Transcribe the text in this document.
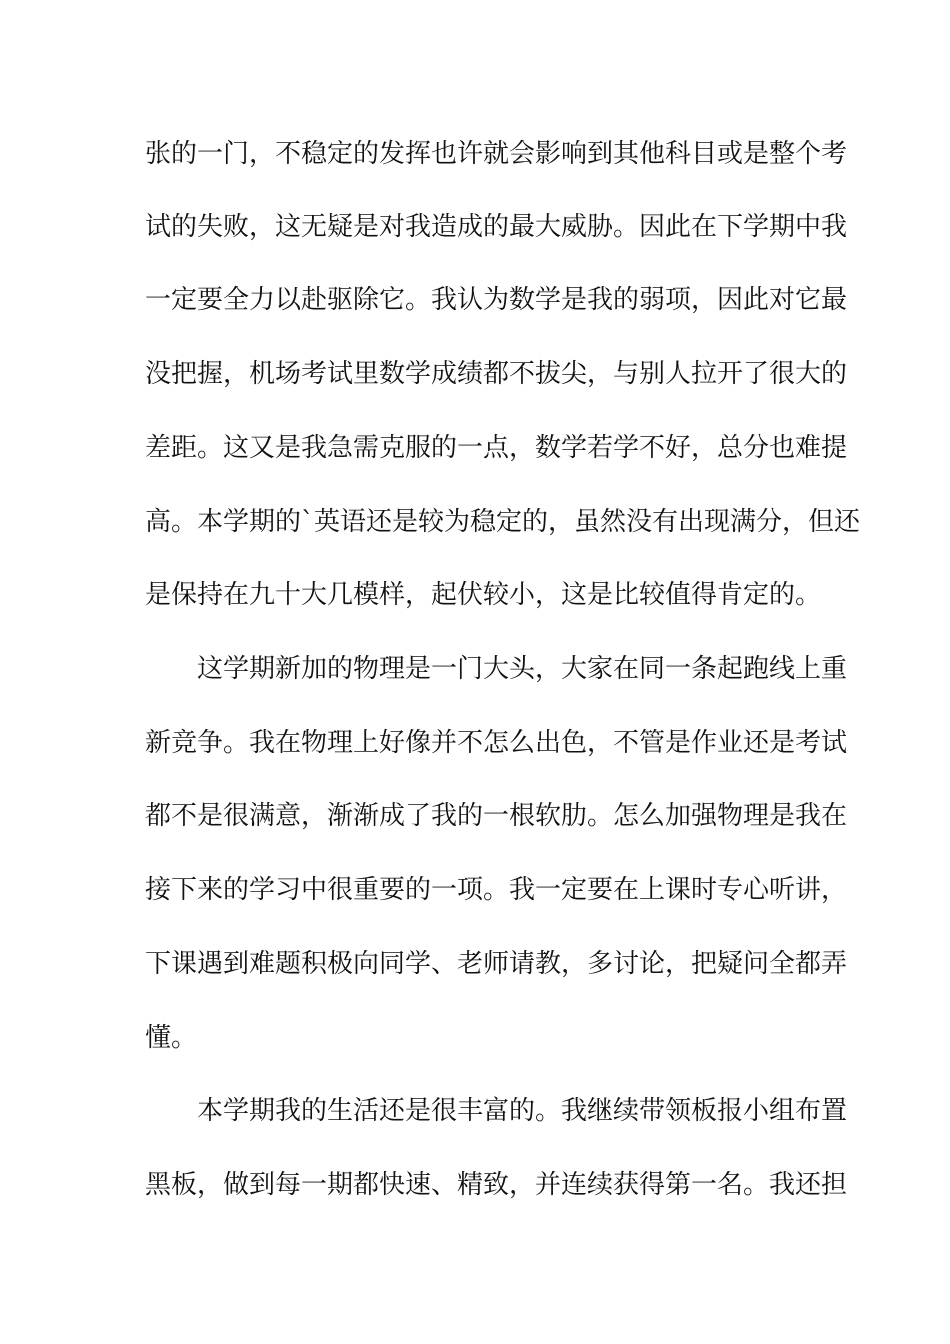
张的一门，不稳定的发挥也许就会影响到其他科目或是整个考
试的失败，这无疑是对我造成的最大威胁。因此在下学期中我
一定要全力以赴驱除它。我认为数学是我的弱项，因此对它最
没把握，机场考试里数学成绩都不拔尖，与别人拉开了很大的
差距。这又是我急需克服的一点，数学若学不好，总分也难提
高。本学期的`英语还是较为稳定的，虽然没有出现满分，但还
是保持在九十大几模样，起伏较小，这是比较值得肯定的。
这学期新加的物理是一门大头，大家在同一条起跑线上重
新竞争。我在物理上好像并不怎么出色，不管是作业还是考试
都不是很满意，渐渐成了我的一根软肋。怎么加强物理是我在
接下来的学习中很重要的一项。我一定要在上课时专心听讲，
下课遇到难题积极向同学、老师请教，多讨论，把疑问全都弄
懂。
本学期我的生活还是很丰富的。我继续带领板报小组布置
黑板，做到每一期都快速、精致，并连续获得第一名。我还担
